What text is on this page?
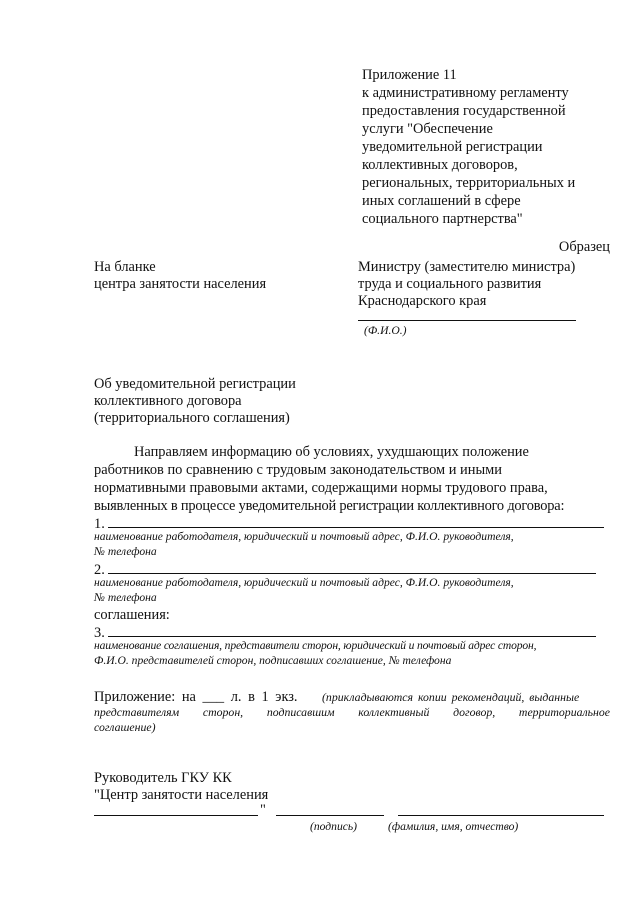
Приложение 11
к административному регламенту
предоставления государственной
услуги "Обеспечение
уведомительной регистрации
коллективных договоров,
региональных, территориальных и
иных соглашений в сфере
социального партнерства"
Образец
На бланке
центра занятости населения
Министру (заместителю министра)
труда и социального развития
Краснодарского края
(Ф.И.О.)
Об уведомительной регистрации
коллективного договора
(территориального соглашения)
Направляем информацию об условиях, ухудшающих положение
работников по сравнению с трудовым законодательством и иными
нормативными правовыми актами, содержащими нормы трудового права,
выявленных в процессе уведомительной регистрации коллективного договора:
1.
наименование работодателя, юридический и почтовый адрес, Ф.И.О. руководителя,
№ телефона
2.
наименование работодателя, юридический и почтовый адрес, Ф.И.О. руководителя,
№ телефона
соглашения:
3.
наименование соглашения, представители сторон, юридический и почтовый адрес сторон,
Ф.И.О. представителей сторон, подписавших соглашение, № телефона
Приложение: на ___ л. в 1 экз. (прикладываются копии рекомендаций, выданные
представителям сторон, подписавшим коллективный договор, территориальное
соглашение)
Руководитель ГКУ КК
"Центр занятости населения
"
(подпись)	(фамилия, имя, отчество)
